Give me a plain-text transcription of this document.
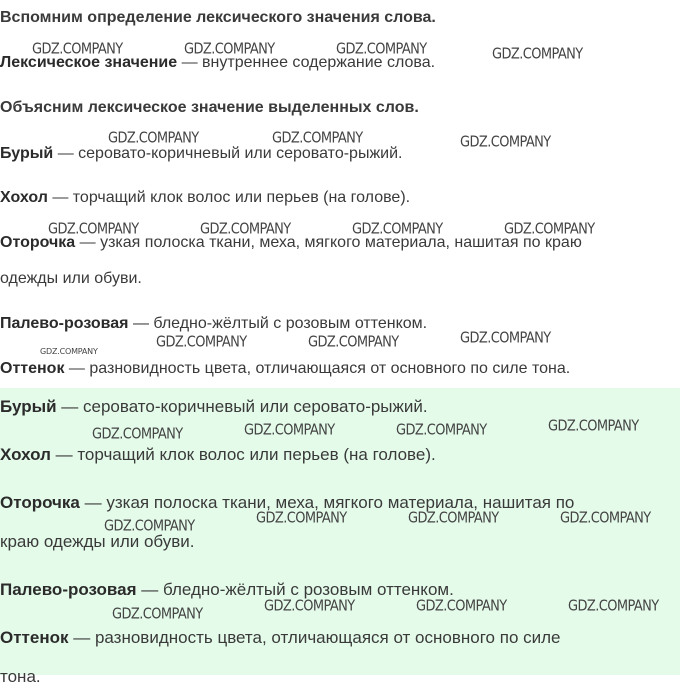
Вспомним определение лексического значения слова.
Лексическое значение — внутреннее содержание слова.
Объясним лексическое значение выделенных слов.
Бурый — серовато-коричневый или серовато-рыжий.
Хохол — торчащий клок волос или перьев (на голове).
Оторочка — узкая полоска ткани, меха, мягкого материала, нашитая по краю
одежды или обуви.
Палево-розовая — бледно-жёлтый с розовым оттенком.
Оттенок — разновидность цвета, отличающаяся от основного по силе тона.
Бурый — серовато-коричневый или серовато-рыжий.
Хохол — торчащий клок волос или перьев (на голове).
Оторочка — узкая полоска ткани, меха, мягкого материала, нашитая по
краю одежды или обуви.
Палево-розовая — бледно-жёлтый с розовым оттенком.
Оттенок — разновидность цвета, отличающаяся от основного по силе
тона.
GDZ.COMPANY	GDZ.COMPANY	GDZ.COMPANY	GDZ.COMPANY
GDZ.COMPANY	GDZ.COMPANY	GDZ.COMPANY
GDZ.COMPANY	GDZ.COMPANY	GDZ.COMPANY	GDZ.COMPANY
GDZ.COMPANY
GDZ.COMPANY	GDZ.COMPANY	GDZ.COMPANY
GDZ.COMPANY	GDZ.COMPANY	GDZ.COMPANY	GDZ.COMPANY
GDZ.COMPANY	GDZ.COMPANY	GDZ.COMPANY	GDZ.COMPANY
GDZ.COMPANY	GDZ.COMPANY	GDZ.COMPANY	GDZ.COMPANY
